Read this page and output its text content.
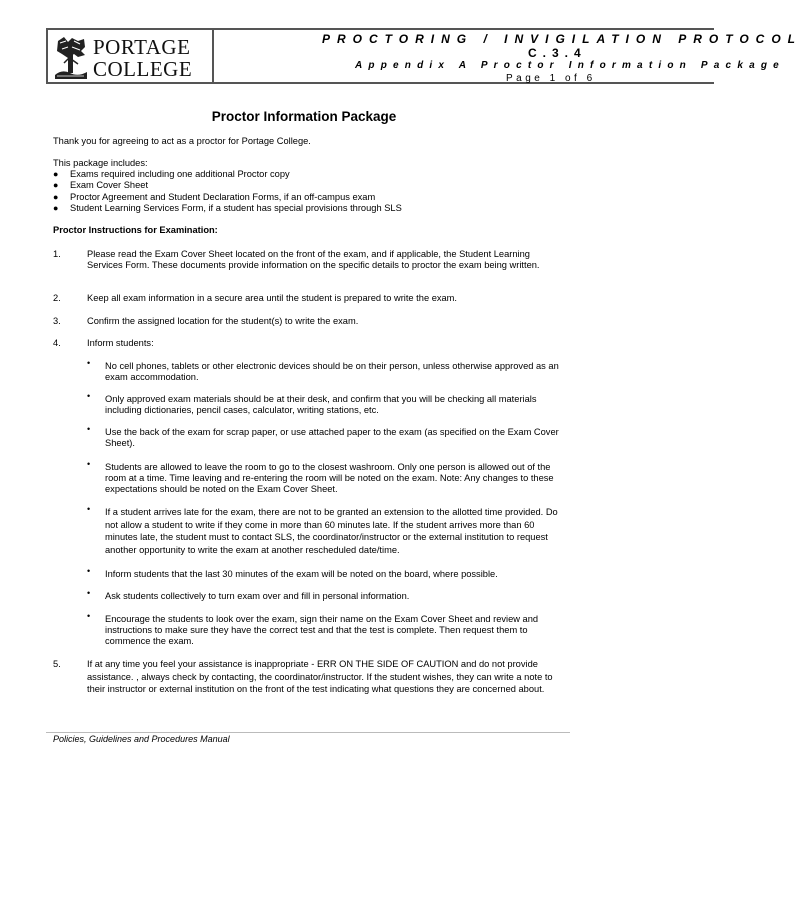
PORTAGE
COLLEGE
PROCTORING / INVIGILATION PROTOCOL
C.3.4
Appendix A Proctor Information Package
Page 1 of 6
Proctor Information Package
Thank you for agreeing to act as a proctor for Portage College.
This package includes:
● Exams required including one additional Proctor copy
● Exam Cover Sheet
● Proctor Agreement and Student Declaration Forms, if an off-campus exam
● Student Learning Services Form, if a student has special provisions through SLS
Proctor Instructions for Examination:
1.	Please read the Exam Cover Sheet located on the front of the exam, and if applicable, the Student Learning Services Form. These documents provide information on the specific details to proctor the exam being written.
2.	Keep all exam information in a secure area until the student is prepared to write the exam.
3.	Confirm the assigned location for the student(s) to write the exam.
4.	Inform students:
• No cell phones, tablets or other electronic devices should be on their person, unless otherwise approved as an exam accommodation.
• Only approved exam materials should be at their desk, and confirm that you will be checking all materials including dictionaries, pencil cases, calculator, writing stations, etc.
• Use the back of the exam for scrap paper, or use attached paper to the exam (as specified on the Exam Cover Sheet).
• Students are allowed to leave the room to go to the closest washroom. Only one person is allowed out of the room at a time. Time leaving and re-entering the room will be noted on the exam. Note: Any changes to these expectations should be noted on the Exam Cover Sheet.
• If a student arrives late for the exam, there are not to be granted an extension to the allotted time provided. Do not allow a student to write if they come in more than 60 minutes late. If the student arrives more than 60 minutes late, the student must to contact SLS, the coordinator/instructor or the external institution to request another opportunity to write the exam at another rescheduled date/time.
• Inform students that the last 30 minutes of the exam will be noted on the board, where possible.
• Ask students collectively to turn exam over and fill in personal information.
• Encourage the students to look over the exam, sign their name on the Exam Cover Sheet and review and instructions to make sure they have the correct test and that the test is complete. Then request them to commence the exam.
5.	If at any time you feel your assistance is inappropriate - ERR ON THE SIDE OF CAUTION and do not provide assistance. , always check by contacting, the coordinator/instructor. If the student wishes, they can write a note to their instructor or external institution on the front of the test indicating what questions they are concerned about.
Policies, Guidelines and Procedures Manual
